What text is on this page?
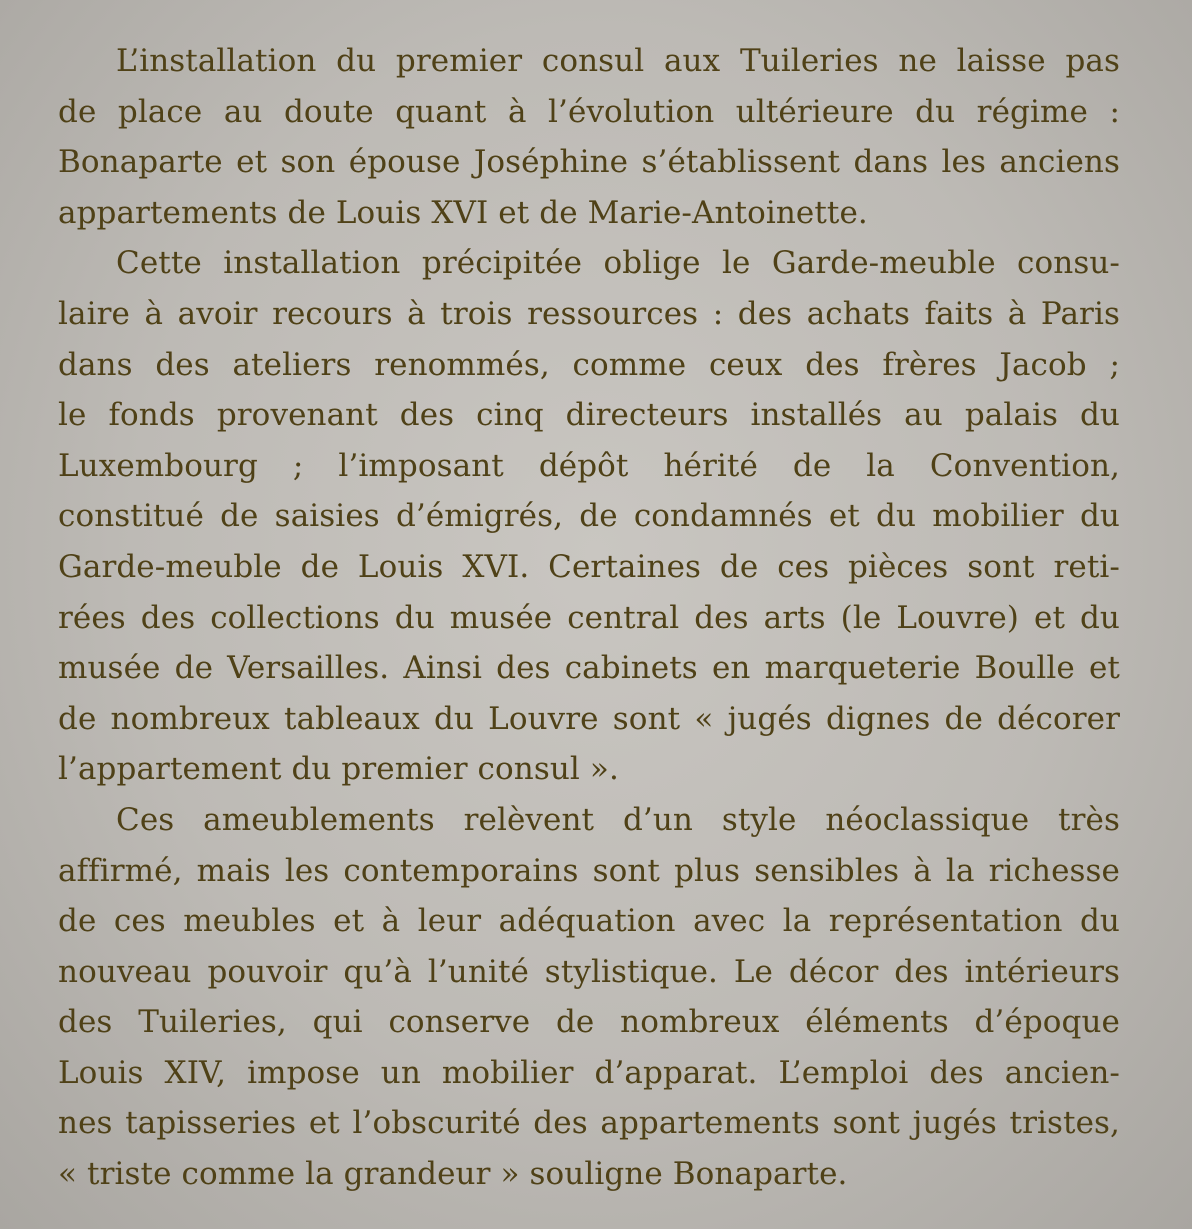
L’installation du premier consul aux Tuileries ne laisse pas
de place au doute quant à l’évolution ultérieure du régime :
Bonaparte et son épouse Joséphine s’établissent dans les anciens
appartements de Louis XVI et de Marie-Antoinette.
Cette installation précipitée oblige le Garde-meuble consu-
laire à avoir recours à trois ressources : des achats faits à Paris
dans des ateliers renommés, comme ceux des frères Jacob ;
le fonds provenant des cinq directeurs installés au palais du
Luxembourg ; l’imposant dépôt hérité de la Convention,
constitué de saisies d’émigrés, de condamnés et du mobilier du
Garde-meuble de Louis XVI. Certaines de ces pièces sont reti-
rées des collections du musée central des arts (le Louvre) et du
musée de Versailles. Ainsi des cabinets en marqueterie Boulle et
de nombreux tableaux du Louvre sont « jugés dignes de décorer
l’appartement du premier consul ».
Ces ameublements relèvent d’un style néoclassique très
affirmé, mais les contemporains sont plus sensibles à la richesse
de ces meubles et à leur adéquation avec la représentation du
nouveau pouvoir qu’à l’unité stylistique. Le décor des intérieurs
des Tuileries, qui conserve de nombreux éléments d’époque
Louis XIV, impose un mobilier d’apparat. L’emploi des ancien-
nes tapisseries et l’obscurité des appartements sont jugés tristes,
« triste comme la grandeur » souligne Bonaparte.
